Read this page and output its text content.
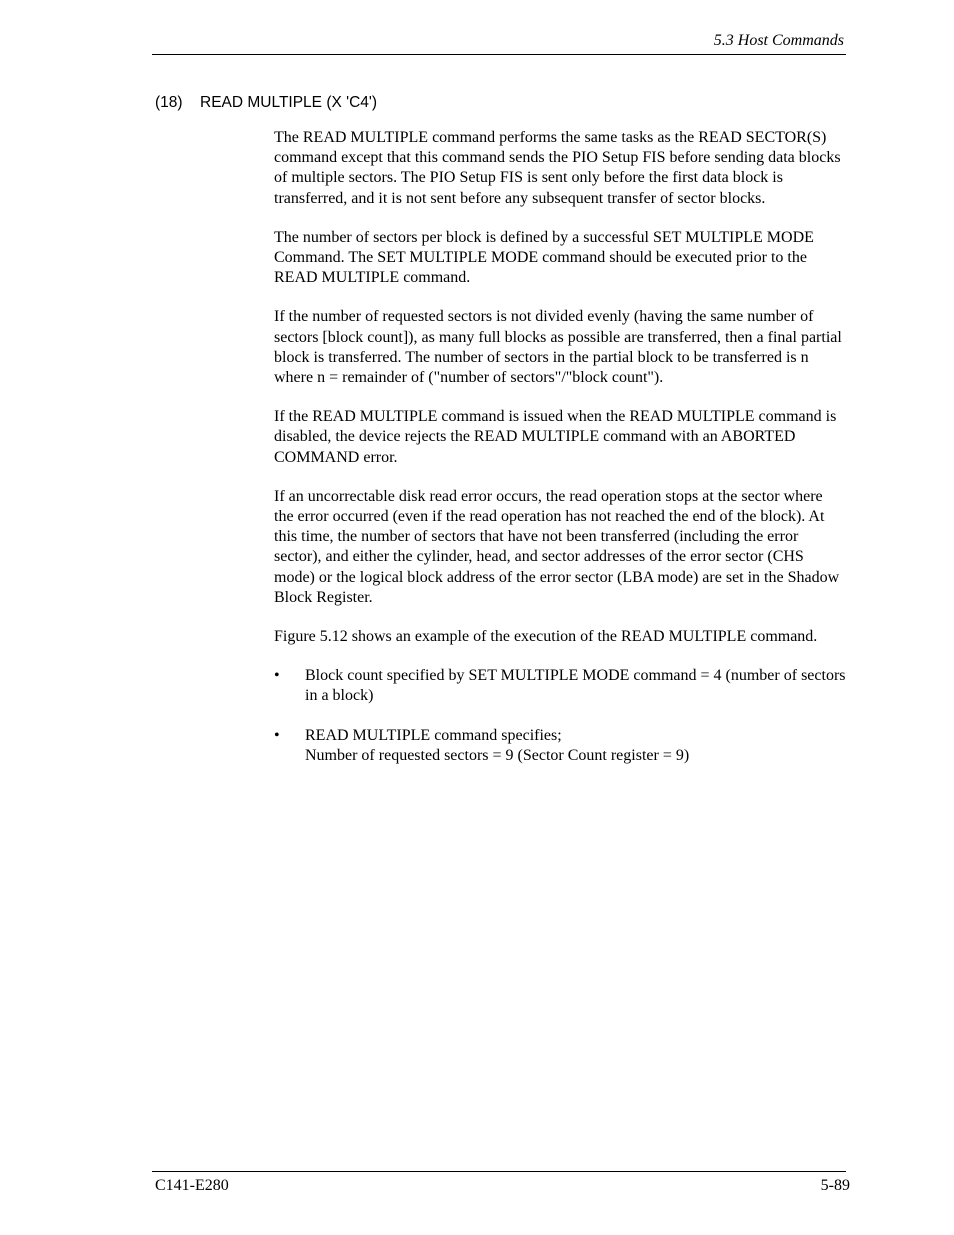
5.3 Host Commands
(18) READ MULTIPLE (X 'C4')

The READ MULTIPLE command performs the same tasks as the READ SECTOR(S) command except that this command sends the PIO Setup FIS before sending data blocks of multiple sectors. The PIO Setup FIS is sent only before the first data block is transferred, and it is not sent before any subsequent transfer of sector blocks.

The number of sectors per block is defined by a successful SET MULTIPLE MODE Command. The SET MULTIPLE MODE command should be executed prior to the READ MULTIPLE command.

If the number of requested sectors is not divided evenly (having the same number of sectors [block count]), as many full blocks as possible are transferred, then a final partial block is transferred. The number of sectors in the partial block to be transferred is n where n = remainder of ("number of sectors"/"block count").

If the READ MULTIPLE command is issued when the READ MULTIPLE command is disabled, the device rejects the READ MULTIPLE command with an ABORTED COMMAND error.

If an uncorrectable disk read error occurs, the read operation stops at the sector where the error occurred (even if the read operation has not reached the end of the block). At this time, the number of sectors that have not been transferred (including the error sector), and either the cylinder, head, and sector addresses of the error sector (CHS mode) or the logical block address of the error sector (LBA mode) are set in the Shadow Block Register.

Figure 5.12 shows an example of the execution of the READ MULTIPLE command.

• Block count specified by SET MULTIPLE MODE command = 4 (number of sectors in a block)
• READ MULTIPLE command specifies;
Number of requested sectors = 9 (Sector Count register = 9)
C141-E280	5-89
